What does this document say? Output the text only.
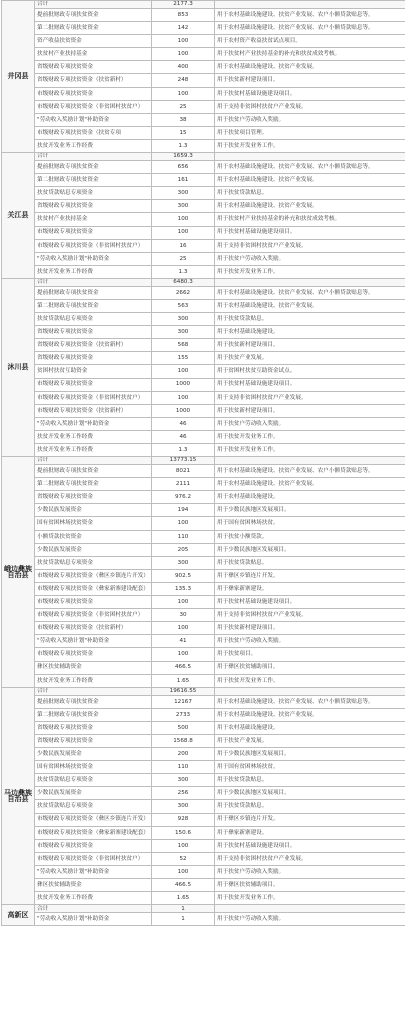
井冈县	合计	2177.3	
	提前批财政专项扶贫资金	853	用于农村基础设施建设、扶贫产业发展、农户小额贷款贴息等。
	第二批财政专项扶贫资金	142	用于农村基础设施建设、扶贫产业发展、农户小额贷款贴息等。
	资产收益扶贫资金	100	用于农村资产收益扶贫试点项目。
	扶贫村产业扶持基金	100	用于扶贫村产业扶持基金的补充和扶贫成效考核。
	省级财政专项扶贫资金	400	用于农村基础设施建设、扶贫产业发展。
	省级财政专项扶贫资金（扶贫新村）	248	用于扶贫新村建设项目。
	市级财政专项扶贫资金	100	用于扶贫村基础设施建设项目。
	市级财政专项扶贫资金（非贫困村扶贫户）	25	用于支持非贫困村扶贫户产业发展。
	"劳动收入奖励计划"补助资金	38	用于扶贫户劳动收入奖励。
	市级财政专项扶贫资金（扶贫专项	15	用于扶贫项目管理。
	扶贫开发业务工作经费	1.3	用于扶贫开发业务工作。
关江县	合计	1659.3	
	提前批财政专项扶贫资金	656	用于农村基础设施建设、扶贫产业发展、农户小额贷款贴息等。
	第二批财政专项扶贫资金	161	用于农村基础设施建设、扶贫产业发展。
	扶贫贷款贴息专项资金	300	用于扶贫贷款贴息。
	省级财政专项扶贫资金	300	用于农村基础设施建设、扶贫产业发展。
	扶贫村产业扶持基金	100	用于扶贫村产业扶持基金的补充和扶贫成效考核。
	市级财政专项扶贫资金	100	用于扶贫村基础设施建设项目。
	市级财政专项扶贫资金（非贫困村扶贫户）	16	用于支持非贫困村扶贫户产业发展。
	"劳动收入奖励计划"补助资金	25	用于扶贫户劳动收入奖励。
	扶贫开发业务工作经费	1.3	用于扶贫开发业务工作。
沐川县	合计	6480.3	
	提前批财政专项扶贫资金	2662	用于农村基础设施建设、扶贫产业发展、农户小额贷款贴息等。
	第二批财政专项扶贫资金	563	用于农村基础设施建设、扶贫产业发展。
	扶贫贷款贴息专项资金	300	用于扶贫贷款贴息。
	省级财政专项扶贫资金	300	用于农村基础设施建设。
	省级财政专项扶贫资金（扶贫新村）	568	用于扶贫新村建设项目。
	省级财政专项扶贫资金	155	用于扶贫产业发展。
	贫困村扶贫互助资金	100	用于贫困村扶贫互助资金试点。
	市级财政专项扶贫资金	1000	用于扶贫村基础设施建设项目。
	市级财政专项扶贫资金（非贫困村扶贫户）	100	用于支持非贫困村扶贫户产业发展。
	市级财政专项扶贫资金（扶贫新村）	1000	用于扶贫新村建设项目。
	"劳动收入奖励计划"补助资金	46	用于扶贫户劳动收入奖励。
	扶贫开发业务工作经费	46	用于扶贫开发业务工作。
	扶贫开发业务工作经费	1.3	用于扶贫开发业务工作。
峨边彝族自治县	合计	13773.15	
	提前批财政专项扶贫资金	8021	用于农村基础设施建设、扶贫产业发展、农户小额贷款贴息等。
	第二批财政专项扶贫资金	2111	用于农村基础设施建设、扶贫产业发展。
	省级财政专项扶贫资金	976.2	用于农村基础设施建设。
	少数民族发展资金	194	用于少数民族地区发展项目。
	国有贫困林场扶贫资金	100	用于国有贫困林场扶贫。
	小额贷款扶贫资金	110	用于扶贫小额贷款。
	少数民族发展资金	205	用于少数民族地区发展项目。
	扶贫贷款贴息专项资金	300	用于扶贫贷款贴息。
	市级财政专项扶贫资金（彝区乡镇连片开发）	902.5	用于彝区乡镇连片开发。
	市级财政专项扶贫资金（彝家新寨建设配套）	135.3	用于彝家新寨建设。
	市级财政专项扶贫资金	100	用于扶贫村基础设施建设项目。
	市级财政专项扶贫资金（非贫困村扶贫户）	30	用于支持非贫困村扶贫户产业发展。
	市级财政专项扶贫资金（扶贫新村）	100	用于扶贫新村建设项目。
	"劳动收入奖励计划"补助资金	41	用于扶贫户劳动收入奖励。
	市级财政专项扶贫资金	100	用于扶贫项目。
	彝区扶贫辅助资金	466.5	用于彝区扶贫辅助项目。
	扶贫开发业务工作经费	1.65	用于扶贫开发业务工作。
马边彝族自治县	合计	19616.55	
	提前批财政专项扶贫资金	12167	用于农村基础设施建设、扶贫产业发展、农户小额贷款贴息等。
	第二批财政专项扶贫资金	2733	用于农村基础设施建设、扶贫产业发展。
	省级财政专项扶贫资金	500	用于农村基础设施建设。
	省级财政专项扶贫资金	1568.8	用于扶贫产业发展。
	少数民族发展资金	200	用于少数民族地区发展项目。
	国有贫困林场扶贫资金	110	用于国有贫困林场扶贫。
	扶贫贷款贴息专项资金	300	用于扶贫贷款贴息。
	少数民族发展资金	256	用于少数民族地区发展项目。
	扶贫贷款贴息专项资金	300	用于扶贫贷款贴息。
	市级财政专项扶贫资金（彝区乡镇连片开发）	928	用于彝区乡镇连片开发。
	市级财政专项扶贫资金（彝家新寨建设配套）	150.6	用于彝家新寨建设。
	市级财政专项扶贫资金	100	用于扶贫村基础设施建设项目。
	市级财政专项扶贫资金（非贫困村扶贫户）	52	用于支持非贫困村扶贫户产业发展。
	"劳动收入奖励计划"补助资金	100	用于扶贫户劳动收入奖励。
	彝区扶贫辅助资金	466.5	用于彝区扶贫辅助项目。
	扶贫开发业务工作经费	1.65	用于扶贫开发业务工作。
高新区	合计	1	
	"劳动收入奖励计划"补助资金	1	用于扶贫户劳动收入奖励。
